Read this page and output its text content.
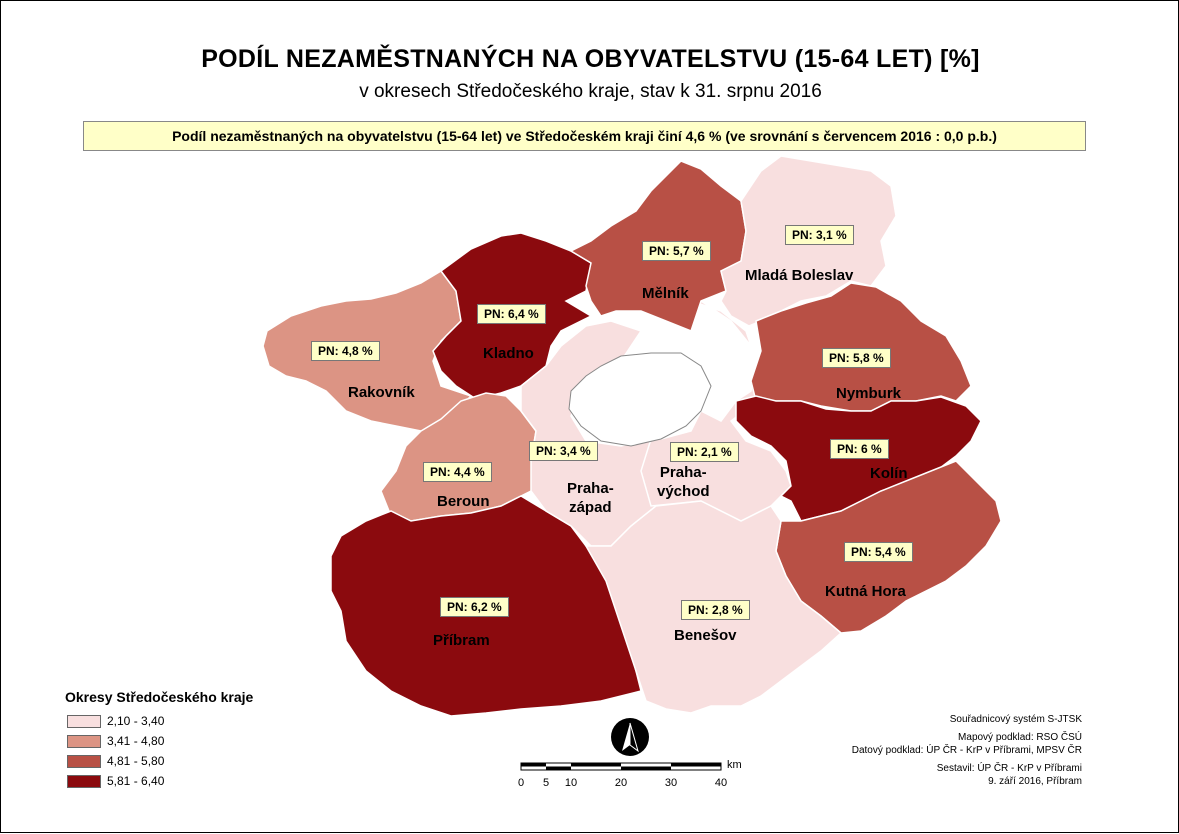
PODÍL NEZAMĚSTNANÝCH NA OBYVATELSTVU (15-64 LET) [%]
v okresech Středočeského kraje, stav k 31. srpnu 2016
Podíl nezaměstnaných na obyvatelstvu (15-64 let) ve Středočeském kraji činí 4,6 % (ve srovnání s červencem 2016 : 0,0 p.b.)
PN: 3,1 %
PN: 5,7 %
PN: 6,4 %
PN: 4,8 %	PN: 5,8 %
PN: 6 %
PN: 4,4 %
PN: 3,4 %	PN: 2,1 %
PN: 5,4 %
PN: 6,2 %	PN: 2,8 %
Mladá Boleslav
Mělník
Kladno
Rakovník	Nymburk
Kolín
Beroun
Praha-
západ
Praha-
východ
Kutná Hora
Příbram	Benešov
Okresy Středočeského kraje
2,10 - 3,40
3,41 - 4,80
4,81 - 5,80
5,81 - 6,40
km
0 5 10	20	30	40
Souřadnicový systém S-JTSK
Mapový podklad: RSO ČSÚ
Datový podklad: ÚP ČR - KrP v Příbrami, MPSV ČR
Sestavil: ÚP ČR - KrP v Příbrami
9. září 2016, Příbram
